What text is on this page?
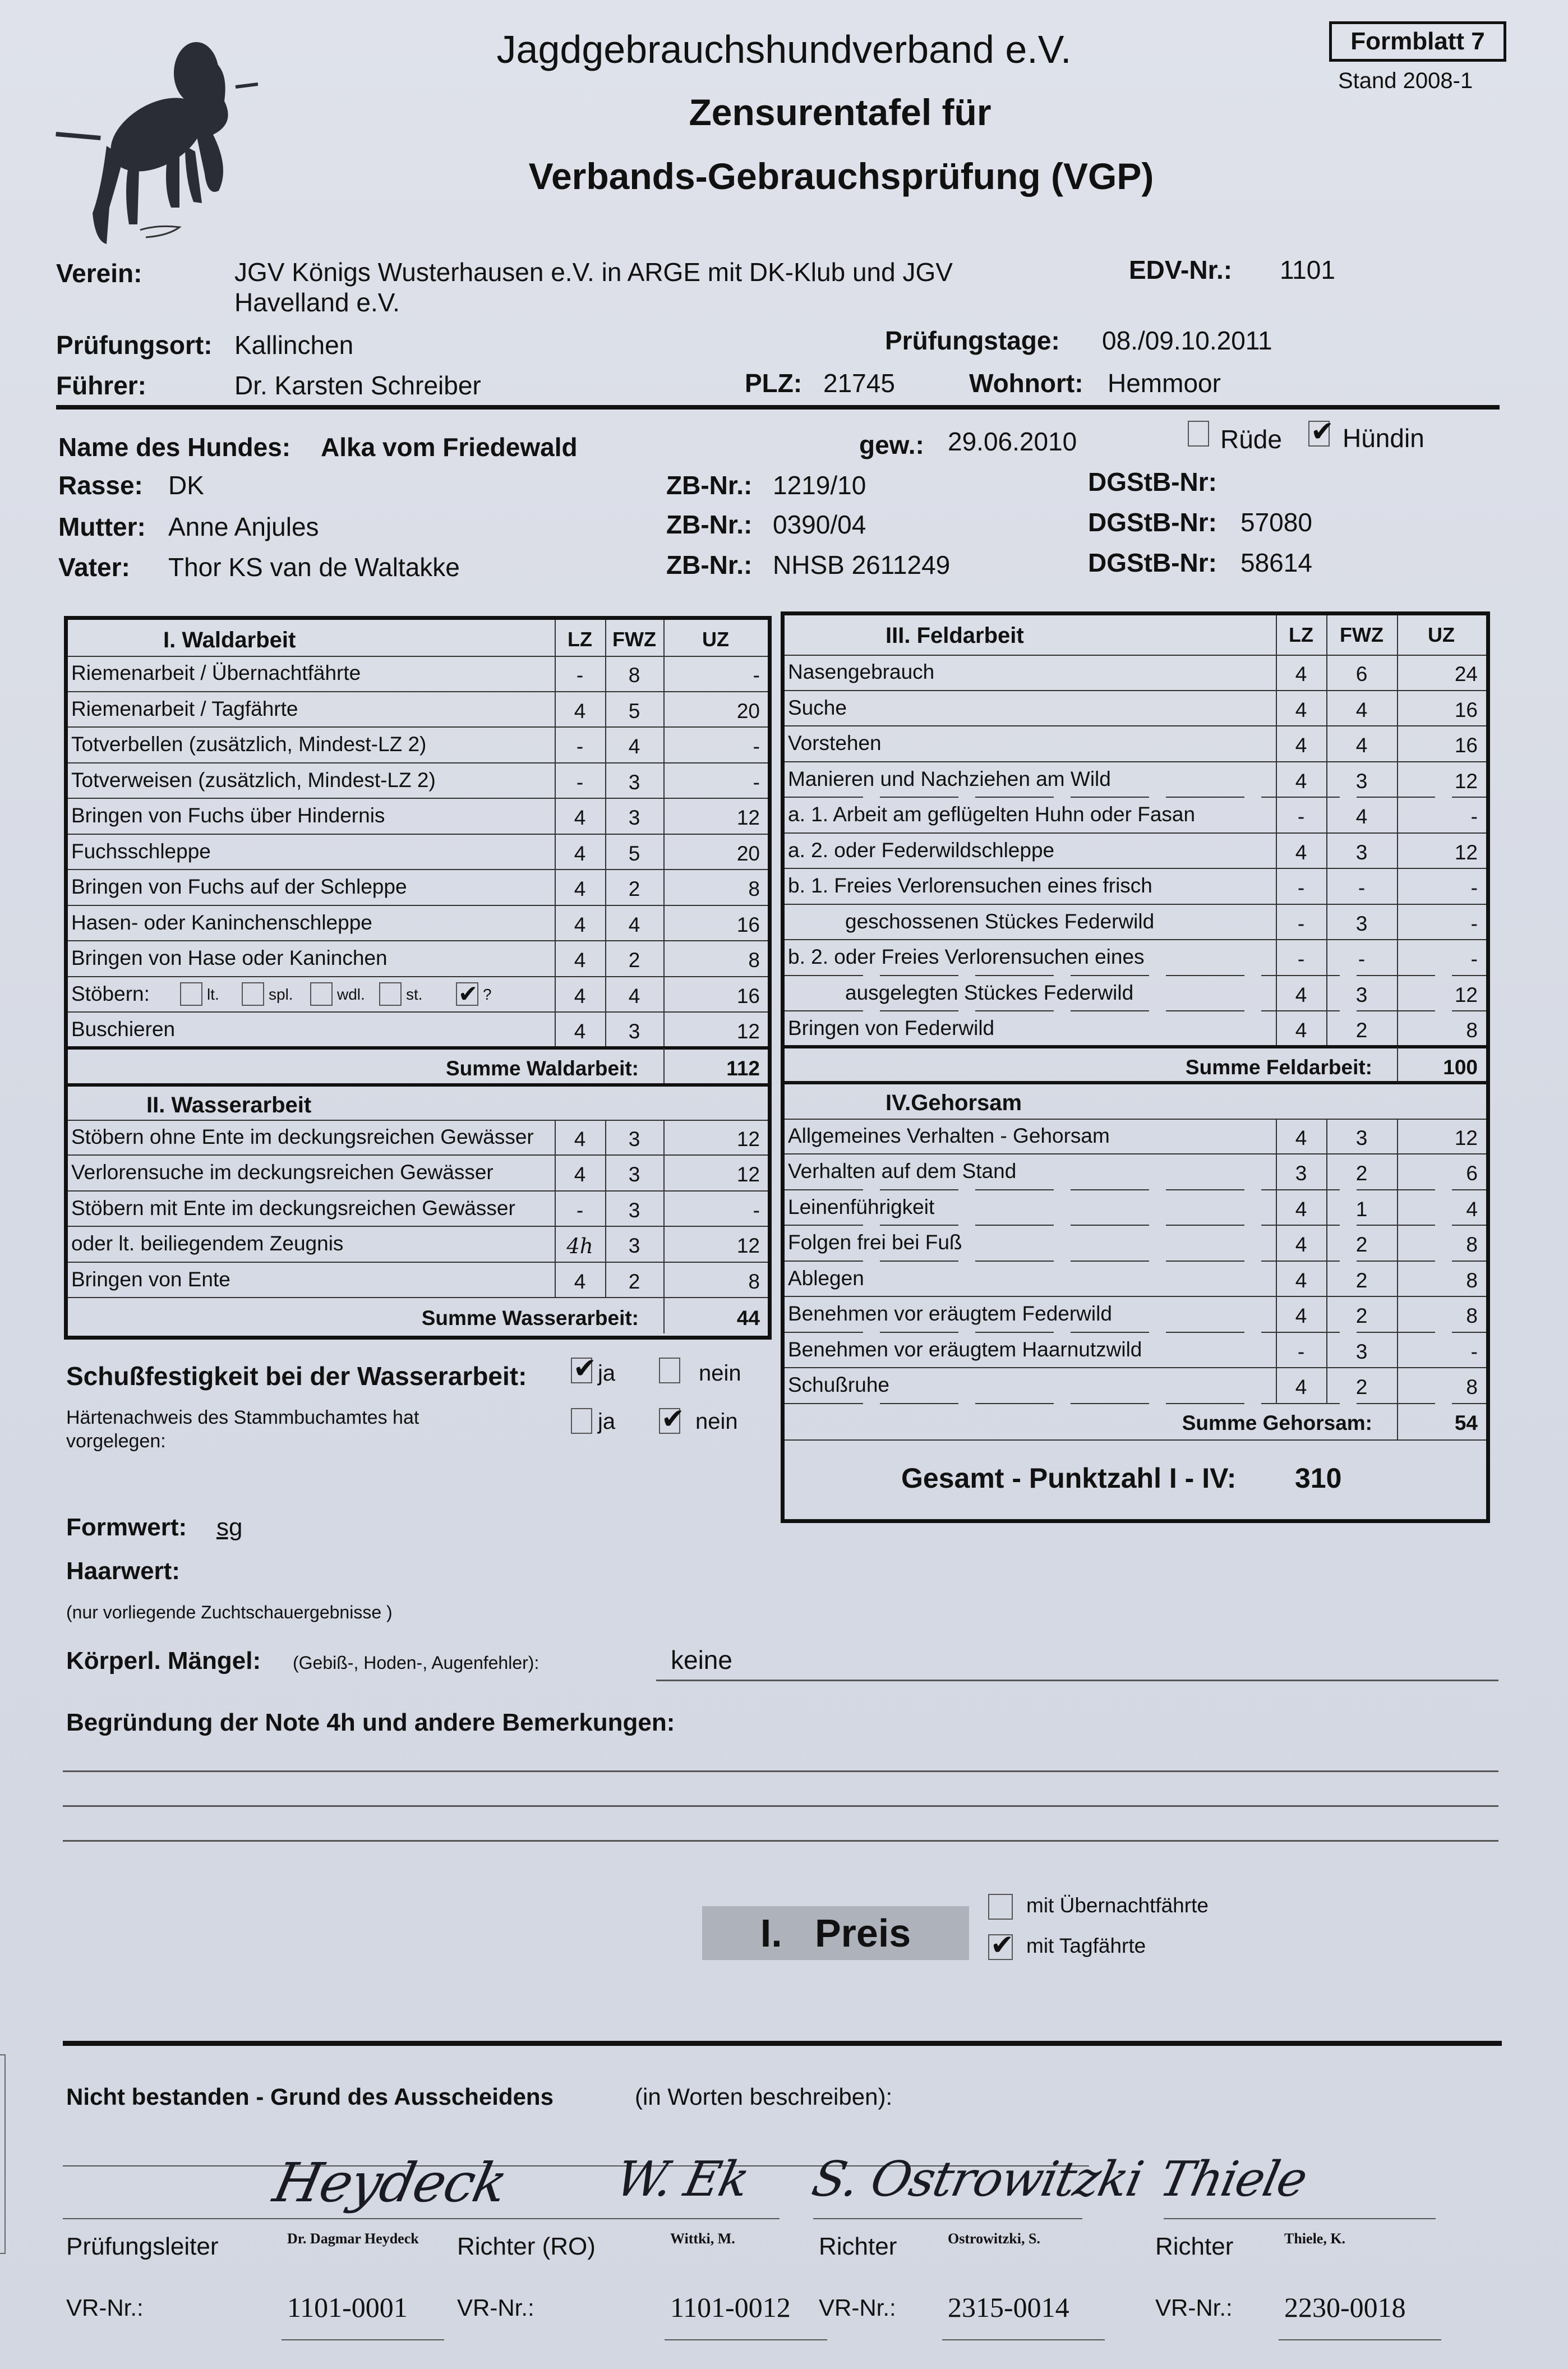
Jagdgebrauchshundverband e.V.
Zensurentafel für
Verbands-Gebrauchsprüfung (VGP)
Formblatt 7
Stand 2008-1
Verein:	JGV Königs Wusterhausen e.V. in ARGE mit DK-Klub und JGV
Havelland e.V.
EDV-Nr.: 1101
Prüfungsort: Kallinchen	Prüfungstage: 08./09.10.2011
Führer:	Dr. Karsten Schreiber	PLZ: 21745	Wohnort: Hemmoor
Name des Hundes: Alka vom Friedewald	gew.: 29.06.2010	Rüde ✔ Hündin
Rasse: DK	ZB-Nr.: 1219/10	DGStB-Nr:
Mutter: Anne Anjules	ZB-Nr.: 0390/04	DGStB-Nr: 57080
Vater: Thor KS van de Waltakke	ZB-Nr.: NHSB 2611249	DGStB-Nr: 58614
I. Waldarbeit	LZ	FWZ	UZ
Riemenarbeit / Übernachtfährte	-	8	-
Riemenarbeit / Tagfährte	4	5	20
Totverbellen (zusätzlich, Mindest-LZ 2)	-	4	-
Totverweisen (zusätzlich, Mindest-LZ 2)	-	3	-
Bringen von Fuchs über Hindernis	4	3	12
Fuchsschleppe	4	5	20
Bringen von Fuchs auf der Schleppe	4	2	8
Hasen- oder Kaninchenschleppe	4	4	16
Bringen von Hase oder Kaninchen	4	2	8
Stöbern:	4	4	16
lt.	spl.	wdl.	st. ✔ ?
Buschieren	4	3	12
Summe Waldarbeit:	112
II. Wasserarbeit
Stöbern ohne Ente im deckungsreichen Gewässer	4	3	12
Verlorensuche im deckungsreichen Gewässer	4	3	12
Stöbern mit Ente im deckungsreichen Gewässer	-	3	-
oder lt. beiliegendem Zeugnis	4h	3	12
Bringen von Ente	4	2	8
Summe Wasserarbeit:	44
III. Feldarbeit	LZ	FWZ	UZ
Nasengebrauch	4	6	24
Suche	4	4	16
Vorstehen	4	4	16
Manieren und Nachziehen am Wild	4	3	12
a. 1. Arbeit am geflügelten Huhn oder Fasan	-	4	-
a. 2. oder Federwildschleppe	4	3	12
b. 1. Freies Verlorensuchen eines frisch	-	-	-
geschossenen Stückes Federwild	-	3	-
b. 2. oder Freies Verlorensuchen eines	-	-	-
ausgelegten Stückes Federwild	4	3	12
Bringen von Federwild	4	2	8
Summe Feldarbeit:	100
IV.Gehorsam
Allgemeines Verhalten - Gehorsam	4	3	12
Verhalten auf dem Stand	3	2	6
Leinenführigkeit	4	1	4
Folgen frei bei Fuß	4	2	8
Ablegen	4	2	8
Benehmen vor eräugtem Federwild	4	2	8
Benehmen vor eräugtem Haarnutzwild	-	3	-
Schußruhe	4	2	8
Summe Gehorsam:	54
Gesamt - Punktzahl I - IV: 310
Schußfestigkeit bei der Wasserarbeit: ✔ ja	nein
Härtenachweis des Stammbuchamtes hat
vorgelegen:
ja ✔ nein
Formwert: sg
Haarwert:
(nur vorliegende Zuchtschauergebnisse )
Körperl. Mängel: (Gebiß-, Hoden-, Augenfehler):	keine
Begründung der Note 4h und andere Bemerkungen:
I.   Preis
mit Übernachtfährte
✔ mit Tagfährte
Nicht bestanden - Grund des Ausscheidens	(in Worten beschreiben):
Heydeck
Prüfungsleiter	Dr. Dagmar Heydeck
VR-Nr.:	1101-0001
W. Ek
Richter (RO)	Wittki, M.
VR-Nr.:	1101-0012
S. Ostrowitzki
Richter	Ostrowitzki, S.
VR-Nr.: 2315-0014
Thiele
Richter	Thiele, K.
VR-Nr.: 2230-0018
